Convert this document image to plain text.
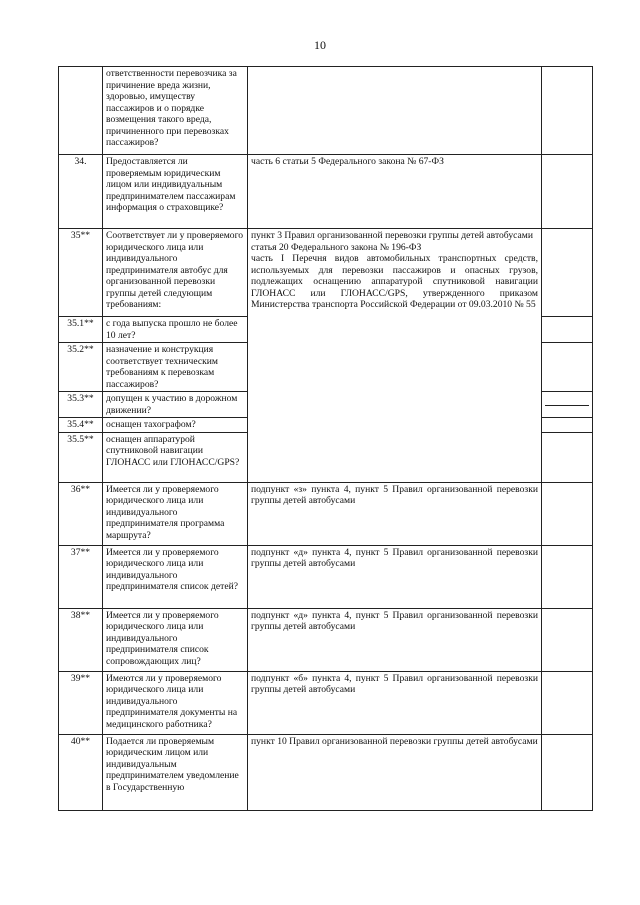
10
	ответственности перевозчика за причинение вреда жизни, здоровью, имуществу пассажиров и о порядке возмещения такого вреда, причиненного при перевозках пассажиров?		
34.	Предоставляется ли проверяемым юридическим лицом или индивидуальным предпринимателем пассажирам информация о страховщике?	часть 6 статьи 5 Федерального закона № 67-ФЗ	
35**	Соответствует ли у проверяемого юридического лица или индивидуального предпринимателя автобус для организованной перевозки группы детей следующим требованиям:	пункт 3 Правил организованной перевозки группы детей автобусами
статья 20 Федерального закона № 196-ФЗ
часть I Перечня видов автомобильных транспортных средств, используемых для перевозки пассажиров и опасных грузов, подлежащих оснащению аппаратурой спутниковой навигации ГЛОНАСС или ГЛОНАСС/GPS, утвержденного приказом Министерства транспорта Российской Федерации от 09.03.2010 № 55	
35.1**	с года выпуска прошло не более 10 лет?		
35.2**	назначение и конструкция соответствует техническим требованиям к перевозкам пассажиров?		
35.3**	допущен к участию в дорожном движении?		

35.4**	оснащен тахографом?		
35.5**	оснащен аппаратурой спутниковой навигации ГЛОНАСС или ГЛОНАСС/GPS?		
36**	Имеется ли у проверяемого юридического лица или индивидуального предпринимателя программа маршрута?	подпункт «з» пункта 4, пункт 5 Правил организованной перевозки группы детей автобусами	
37**	Имеется ли у проверяемого юридического лица или индивидуального предпринимателя список детей?	подпункт «д» пункта 4, пункт 5 Правил организованной перевозки группы детей автобусами	
38**	Имеется ли у проверяемого юридического лица или индивидуального предпринимателя список сопровождающих лиц?	подпункт «д» пункта 4, пункт 5 Правил организованной перевозки группы детей автобусами	
39**	Имеются ли у проверяемого юридического лица или индивидуального предпринимателя документы на медицинского работника?	подпункт «б» пункта 4, пункт 5 Правил организованной перевозки группы детей автобусами	
40**	Подается ли проверяемым юридическим лицом или индивидуальным предпринимателем уведомление в Государственную	пункт 10 Правил организованной перевозки группы детей автобусами	
